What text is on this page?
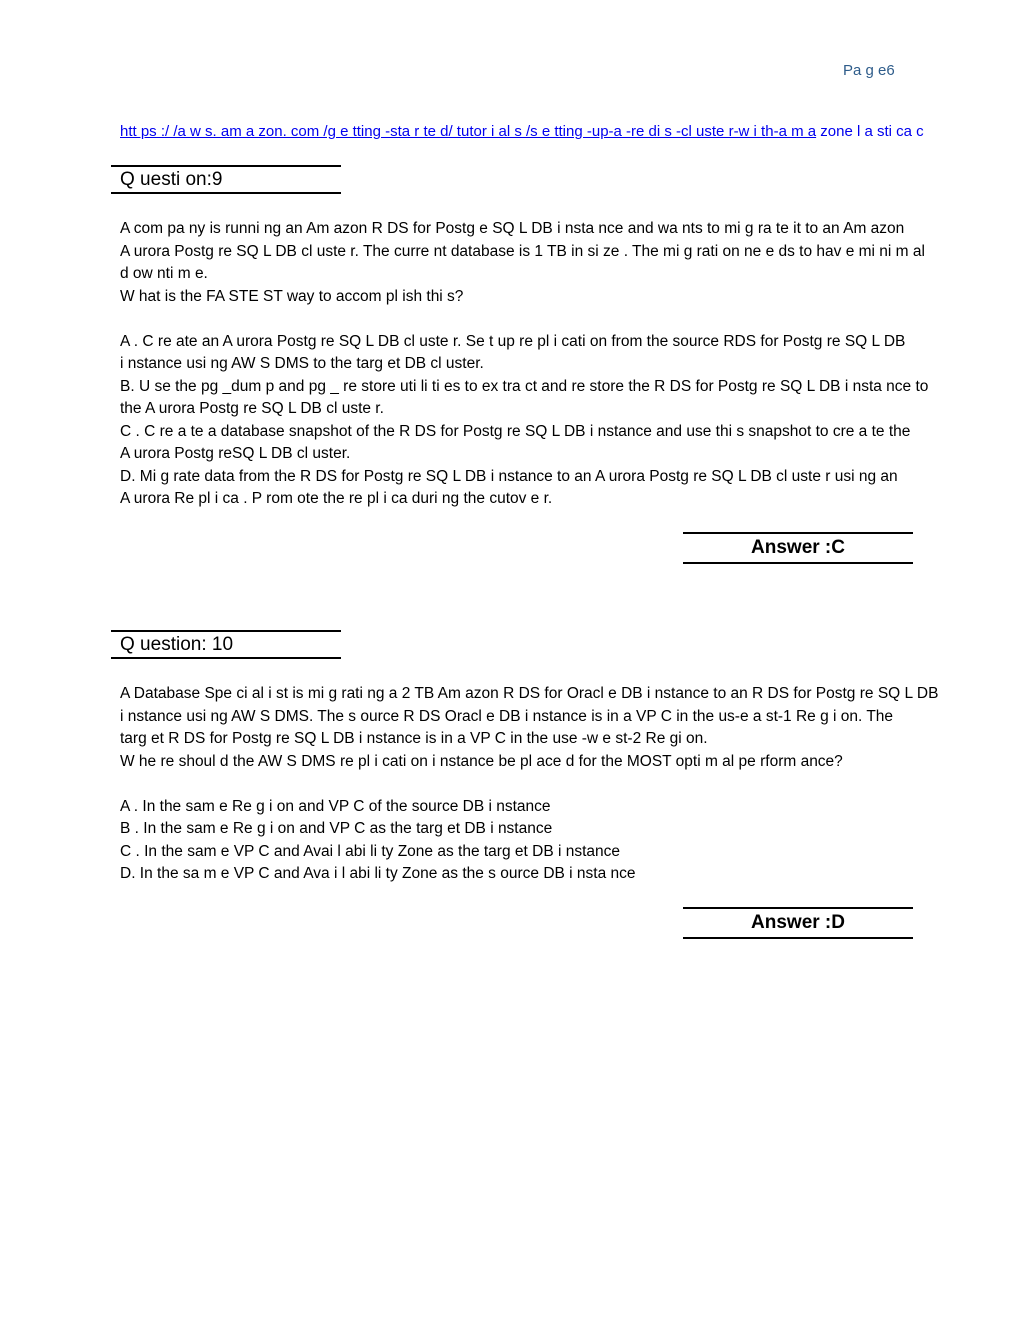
Pa g e6
htt ps :/ /a w s. am a zon. com /g e tting -sta r te d/ tutor i al s /s e tting -up-a -re di s -cl uste r-w i th-a m a zone l a sti ca c
Q uesti on:9
A com pa ny is runni ng an Am azon R DS for Postg e SQ L DB i nsta nce and wa nts to mi g ra te it to an Am azon
A urora Postg re SQ L DB cl uste r. The curre nt database is 1 TB in si ze . The mi g rati on ne e ds to hav e mi ni m al
d ow nti m e.
W hat is the FA STE ST way to accom pl ish thi s?

A . C re ate an A urora Postg re SQ L DB cl uste r. Se t up re pl i cati on from the source RDS for Postg re SQ L DB
i nstance usi ng AW S DMS to the targ et DB cl uster.
B. U se the pg _dum p and pg _ re store uti li ti es to ex tra ct and re store the R DS for Postg re SQ L DB i nsta nce to
the A urora Postg re SQ L DB cl uste r.
C . C re a te a database snapshot of the R DS for Postg re SQ L DB i nstance and use thi s snapshot to cre a te the
A urora Postg reSQ L DB cl uster.
D. Mi g rate data from the R DS for Postg re SQ L DB i nstance to an A urora Postg re SQ L DB cl uste r usi ng an
A urora Re pl i ca . P rom ote the re pl i ca duri ng the cutov e r.
Answer :C
Q uestion: 10
A Database Spe ci al i st is mi g rati ng a 2 TB Am azon R DS for Oracl e DB i nstance to an R DS for Postg re SQ L DB
i nstance usi ng AW S DMS. The s ource R DS Oracl e DB i nstance is in a VP C in the us-e a st-1 Re g i on. The
targ et R DS for Postg re SQ L DB i nstance is in a VP C in the use -w e st-2 Re gi on.
W he re shoul d the AW S DMS re pl i cati on i nstance be pl ace d for the MOST opti m al pe rform ance?

A . In the sam e Re g i on and VP C of the source DB i nstance
B . In the sam e Re g i on and VP C as the targ et DB i nstance
C . In the sam e VP C and Avai l abi li ty Zone as the targ et DB i nstance
D. In the sa m e VP C and Ava i l abi li ty Zone as the s ource DB i nsta nce
Answer :D
